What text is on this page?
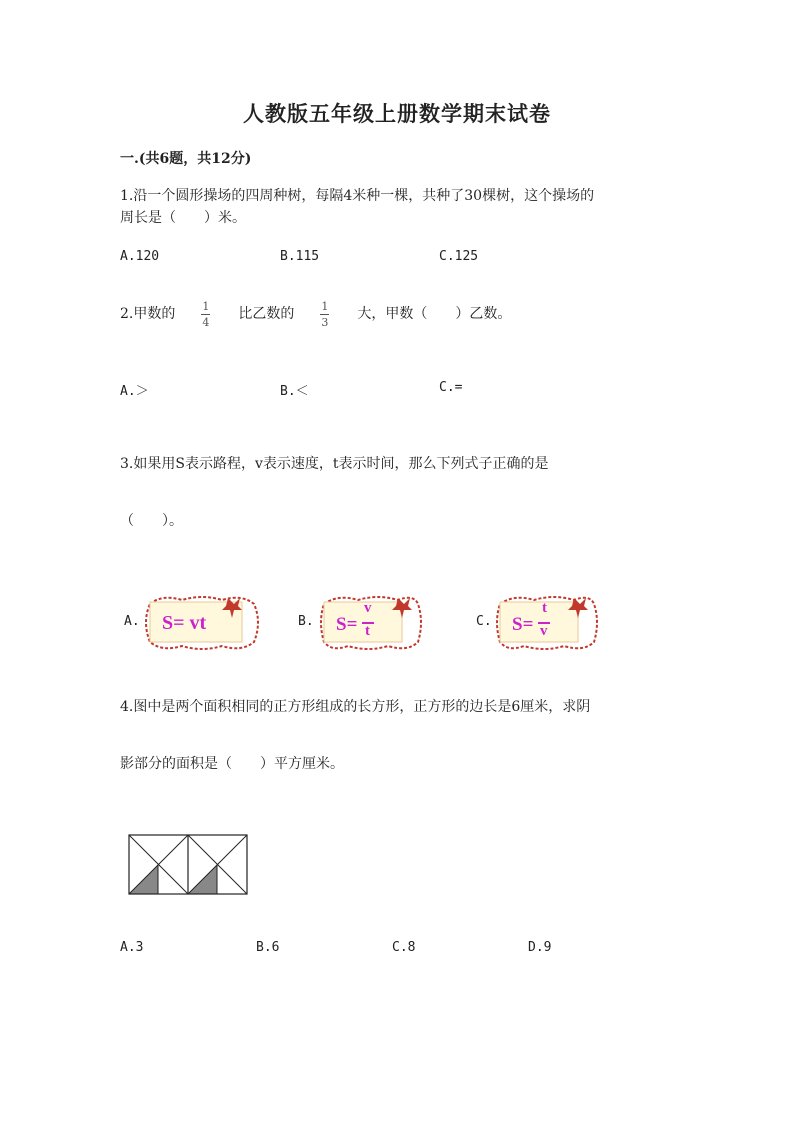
人教版五年级上册数学期末试卷
一.(共6题，共12分)
1.沿一个圆形操场的四周种树，每隔4米种一棵，共种了30棵树，这个操场的
周长是（　　）米。
A.120	B.115	C.125
2.甲数的 $\frac{1}{4}$ 比乙数的 $\frac{1}{3}$ 大，甲数（　　）乙数。
A.＞	B.＜	C.=
3.如果用S表示路程，v表示速度，t表示时间，那么下列式子正确的是
（　　）。
A. S= vt	B. S=
v
t
C. S=
t
v
4.图中是两个面积相同的正方形组成的长方形，正方形的边长是6厘米，求阴
影部分的面积是（　　）平方厘米。
A.3	B.6	C.8	D.9
